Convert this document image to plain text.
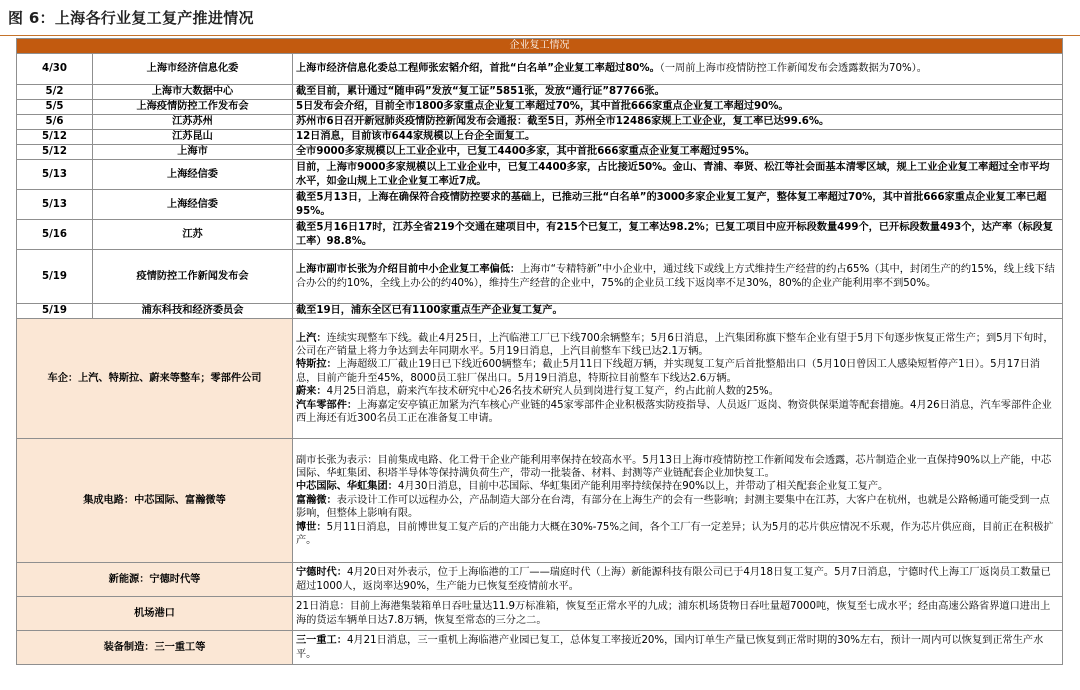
图 6：上海各行业复工复产推进情况
企业复工情况		
4/30	上海市经济信息化委	上海市经济信息化委总工程师张宏韬介绍，首批“白名单”企业复工率超过80%。（一周前上海市疫情防控工作新闻发布会透露数据为70%）。
5/2	上海市大数据中心	截至目前，累计通过“随申码”发放“复工证”5851张，发放“通行证”87766张。
5/5	上海疫情防控工作发布会	5日发布会介绍，目前全市1800多家重点企业复工率超过70%，其中首批666家重点企业复工率超过90%。
5/6	江苏苏州	苏州市6日召开新冠肺炎疫情防控新闻发布会通报：截至5日，苏州全市12486家规上工业企业，复工率已达99.6%。
5/12	江苏昆山	12日消息，目前该市644家规模以上台企全面复工。
5/12	上海市	全市9000多家规模以上工业企业中，已复工4400多家，其中首批666家重点企业复工率超过95%。
5/13	上海经信委	目前，上海市9000多家规模以上工业企业中，已复工4400多家，占比接近50%。金山、青浦、奉贤、松江等社会面基本清零区域，规上工业企业复工率超过全市平均水平，如金山规上工业企业复工率近7成。
5/13	上海经信委	截至5月13日，上海在确保符合疫情防控要求的基础上，已推动三批“白名单”的3000多家企业复工复产，整体复工率超过70%，其中首批666家重点企业复工率已超95%。
5/16	江苏	截至5月16日17时，江苏全省219个交通在建项目中，有215个已复工，复工率达98.2%；已复工项目中应开标段数量499个，已开标段数量493个，达产率（标段复工率）98.8%。
5/19	疫情防控工作新闻发布会	上海市副市长张为介绍目前中小企业复工率偏低：上海市“专精特新”中小企业中，通过线下或线上方式维持生产经营的约占65%（其中，封闭生产的约15%，线上线下结合办公的约10%，全线上办公的约40%），维持生产经营的企业中，75%的企业员工线下返岗率不足30%，80%的企业产能利用率不到50%。
5/19	浦东科技和经济委员会	截至19日，浦东全区已有1100家重点生产企业复工复产。
车企：上汽、特斯拉、蔚来等整车；零部件公司		上汽：连续实现整车下线。截止4月25日，上汽临港工厂已下线700余辆整车；5月6日消息，上汽集团称旗下整车企业有望于5月下旬逐步恢复正常生产；到5月下旬时，公司在产销量上将力争达到去年同期水平。5月19日消息，上汽目前整车下线已达2.1万辆。
特斯拉：上海超级工厂截止19日已下线近600辆整车；截止5月11日下线超万辆，并实现复工复产后首批整船出口（5月10日曾因工人感染短暂停产1日）。5月17日消息，目前产能升至45%，8000员工驻厂保出口。5月19日消息，特斯拉目前整车下线达2.6万辆。
蔚来：4月25日消息，蔚来汽车技术研究中心26名技术研究人员到岗进行复工复产，约占此前人数的25%。
汽车零部件：上海嘉定安亭镇正加紧为汽车核心产业链的45家零部件企业积极落实防疫指导、人员返厂返岗、物资供保渠道等配套措施。4月26日消息，汽车零部件企业西上海还有近300名员工正在准备复工申请。

集成电路：中芯国际、富瀚微等		副市长张为表示：目前集成电路、化工骨干企业产能利用率保持在较高水平。5月13日上海市疫情防控工作新闻发布会透露，芯片制造企业一直保持90%以上产能，中芯国际、华虹集团、积塔半导体等保持满负荷生产，带动一批装备、材料、封测等产业链配套企业加快复工。
中芯国际、华虹集团：4月30日消息，目前中芯国际、华虹集团产能利用率持续保持在90%以上，并带动了相关配套企业复工复产。
富瀚微：表示设计工作可以远程办公，产品制造大部分在台湾，有部分在上海生产的会有一些影响；封测主要集中在江苏，大客户在杭州，也就是公路畅通可能受到一点影响，但整体上影响有限。
博世：5月11日消息，目前博世复工复产后的产出能力大概在30%-75%之间，各个工厂有一定差异；认为5月的芯片供应情况不乐观，作为芯片供应商，目前正在积极扩产。

新能源：宁德时代等		宁德时代：4月20日对外表示，位于上海临港的工厂——瑞庭时代（上海）新能源科技有限公司已于4月18日复工复产。5月7日消息，宁德时代上海工厂返岗员工数量已超过1000人，返岗率达90%，生产能力已恢复至疫情前水平。

机场港口		21日消息：目前上海港集装箱单日吞吐量达11.9万标准箱，恢复至正常水平的九成；浦东机场货物日吞吐量超7000吨，恢复至七成水平；经由高速公路省界道口进出上海的货运车辆单日达7.8万辆，恢复至常态的三分之二。

装备制造：三一重工等		三一重工：4月21日消息，三一重机上海临港产业园已复工，总体复工率接近20%，国内订单生产量已恢复到正常时期的30%左右，预计一周内可以恢复到正常生产水平。
